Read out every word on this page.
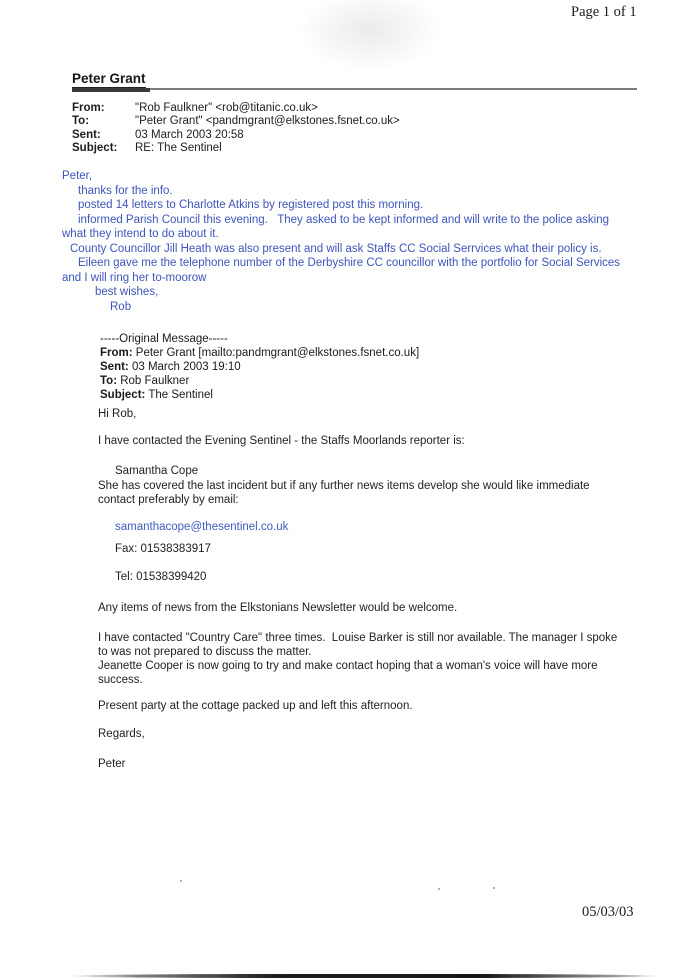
Page 1 of 1
Peter Grant
From:	"Rob Faulkner" <rob@titanic.co.uk>
To:	"Peter Grant" <pandmgrant@elkstones.fsnet.co.uk>
Sent:	03 March 2003 20:58
Subject: RE: The Sentinel
Peter,
thanks for the info.
posted 14 letters to Charlotte Atkins by registered post this morning.
informed Parish Council this evening.   They asked to be kept informed and will write to the police asking
what they intend to do about it.
County Councillor Jill Heath was also present and will ask Staffs CC Social Serrvices what their policy is.
Eileen gave me the telephone number of the Derbyshire CC councillor with the portfolio for Social Services
and I will ring her to-moorow
best wishes,
Rob
-----Original Message-----
From: Peter Grant [mailto:pandmgrant@elkstones.fsnet.co.uk]
Sent: 03 March 2003 19:10
To: Rob Faulkner
Subject: The Sentinel
Hi Rob,
I have contacted the Evening Sentinel - the Staffs Moorlands reporter is:
Samantha Cope
She has covered the last incident but if any further news items develop she would like immediate
contact preferably by email:
samanthacope@thesentinel.co.uk
Fax: 01538383917
Tel: 01538399420
Any items of news from the Elkstonians Newsletter would be welcome.
I have contacted "Country Care" three times.  Louise Barker is still nor available. The manager I spoke
to was not prepared to discuss the matter.
Jeanette Cooper is now going to try and make contact hoping that a woman's voice will have more
success.
Present party at the cottage packed up and left this afternoon.
Regards,
Peter
05/03/03
